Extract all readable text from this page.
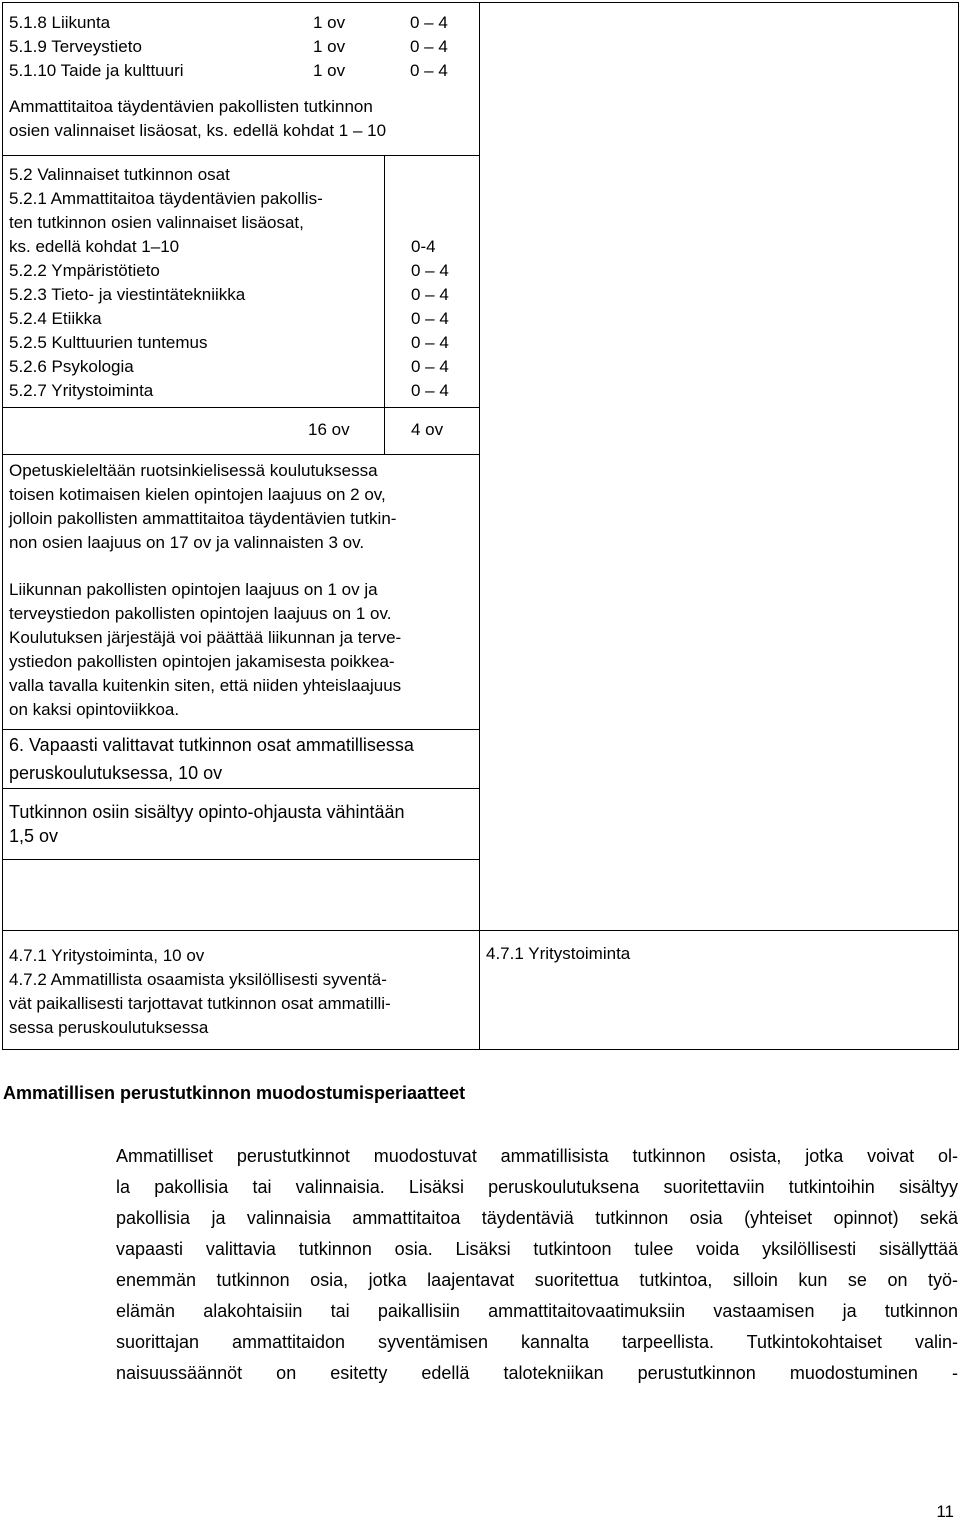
5.1.8 Liikunta
5.1.9 Terveystieto
5.1.10 Taide ja kulttuuri
1 ov
1 ov
1 ov
0 – 4
0 – 4
0 – 4
Ammattitaitoa täydentävien pakollisten tutkinnon
osien valinnaiset lisäosat, ks. edellä kohdat 1 – 10
5.2 Valinnaiset tutkinnon osat
5.2.1 Ammattitaitoa täydentävien pakollis-
ten tutkinnon osien valinnaiset lisäosat,
ks. edellä kohdat 1–10
5.2.2 Ympäristötieto
5.2.3 Tieto- ja viestintätekniikka
5.2.4 Etiikka
5.2.5 Kulttuurien tuntemus
5.2.6 Psykologia
5.2.7 Yritystoiminta
0-4
0 – 4
0 – 4
0 – 4
0 – 4
0 – 4
0 – 4
16 ov	4 ov
Opetuskieleltään ruotsinkielisessä koulutuksessa
toisen kotimaisen kielen opintojen laajuus on 2 ov,
jolloin pakollisten ammattitaitoa täydentävien tutkin-
non osien laajuus on 17 ov ja valinnaisten 3 ov.
Liikunnan pakollisten opintojen laajuus on 1 ov ja
terveystiedon pakollisten opintojen laajuus on 1 ov.
Koulutuksen järjestäjä voi päättää liikunnan ja terve-
ystiedon pakollisten opintojen jakamisesta poikkea-
valla tavalla kuitenkin siten, että niiden yhteislaajuus
on kaksi opintoviikkoa.
6. Vapaasti valittavat tutkinnon osat ammatillisessa
peruskoulutuksessa, 10 ov
Tutkinnon osiin sisältyy opinto-ohjausta vähintään
1,5 ov
4.7.1 Yritystoiminta, 10 ov
4.7.2 Ammatillista osaamista yksilöllisesti syventä-
vät paikallisesti tarjottavat tutkinnon osat ammatilli-
sessa peruskoulutuksessa
4.7.1 Yritystoiminta
Ammatillisen perustutkinnon muodostumisperiaatteet
Ammatilliset perustutkinnot muodostuvat ammatillisista tutkinnon osista, jotka voivat ol-
la pakollisia tai valinnaisia. Lisäksi peruskoulutuksena suoritettaviin tutkintoihin sisältyy
pakollisia ja valinnaisia ammattitaitoa täydentäviä tutkinnon osia (yhteiset opinnot) sekä
vapaasti valittavia tutkinnon osia. Lisäksi tutkintoon tulee voida yksilöllisesti sisällyttää
enemmän tutkinnon osia, jotka laajentavat suoritettua tutkintoa, silloin kun se on työ-
elämän alakohtaisiin tai paikallisiin ammattitaitovaatimuksiin vastaamisen ja tutkinnon
suorittajan ammattitaidon syventämisen kannalta tarpeellista. Tutkintokohtaiset valin-
naisuussäännöt on esitetty edellä talotekniikan perustutkinnon muodostuminen -
11
